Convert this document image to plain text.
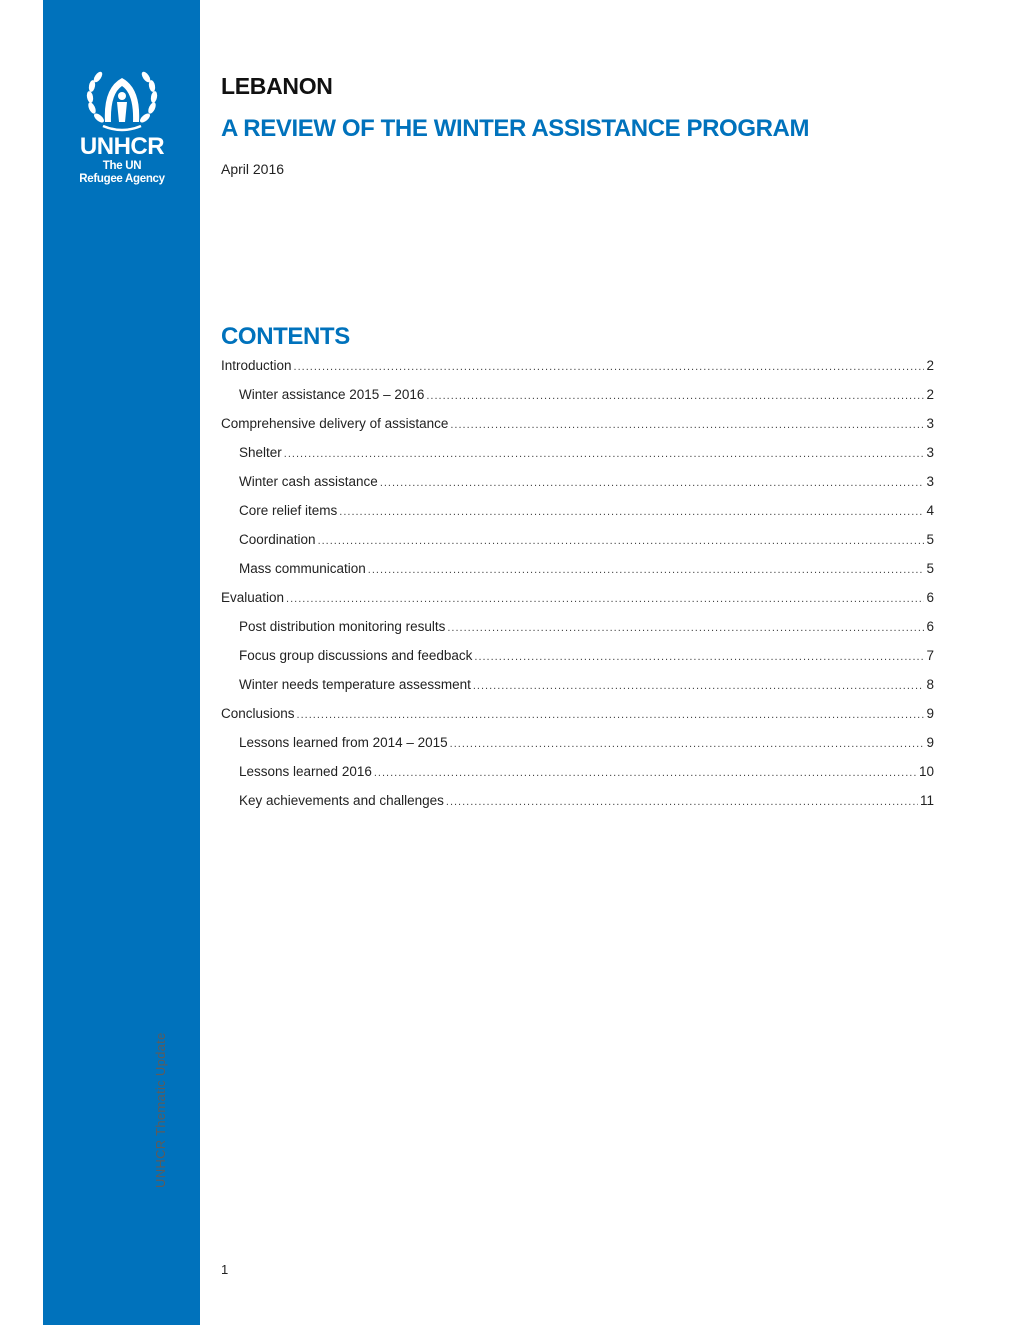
UNHCR
The UN
Refugee Agency
UNHCR Thematic Update
LEBANON
A REVIEW OF THE WINTER ASSISTANCE PROGRAM
April 2016
CONTENTS
Introduction .....	2
Winter assistance 2015 – 2016 .....	2
Comprehensive delivery of assistance .....	3
Shelter .....	3
Winter cash assistance .....	3
Core relief items .....	4
Coordination .....	5
Mass communication .....	5
Evaluation .....	6
Post distribution monitoring results .....	6
Focus group discussions and feedback .....	7
Winter needs temperature assessment .....	8
Conclusions .....	9
Lessons learned from 2014 – 2015 .....	9
Lessons learned 2016 .....	10
Key achievements and challenges .....	11
1
